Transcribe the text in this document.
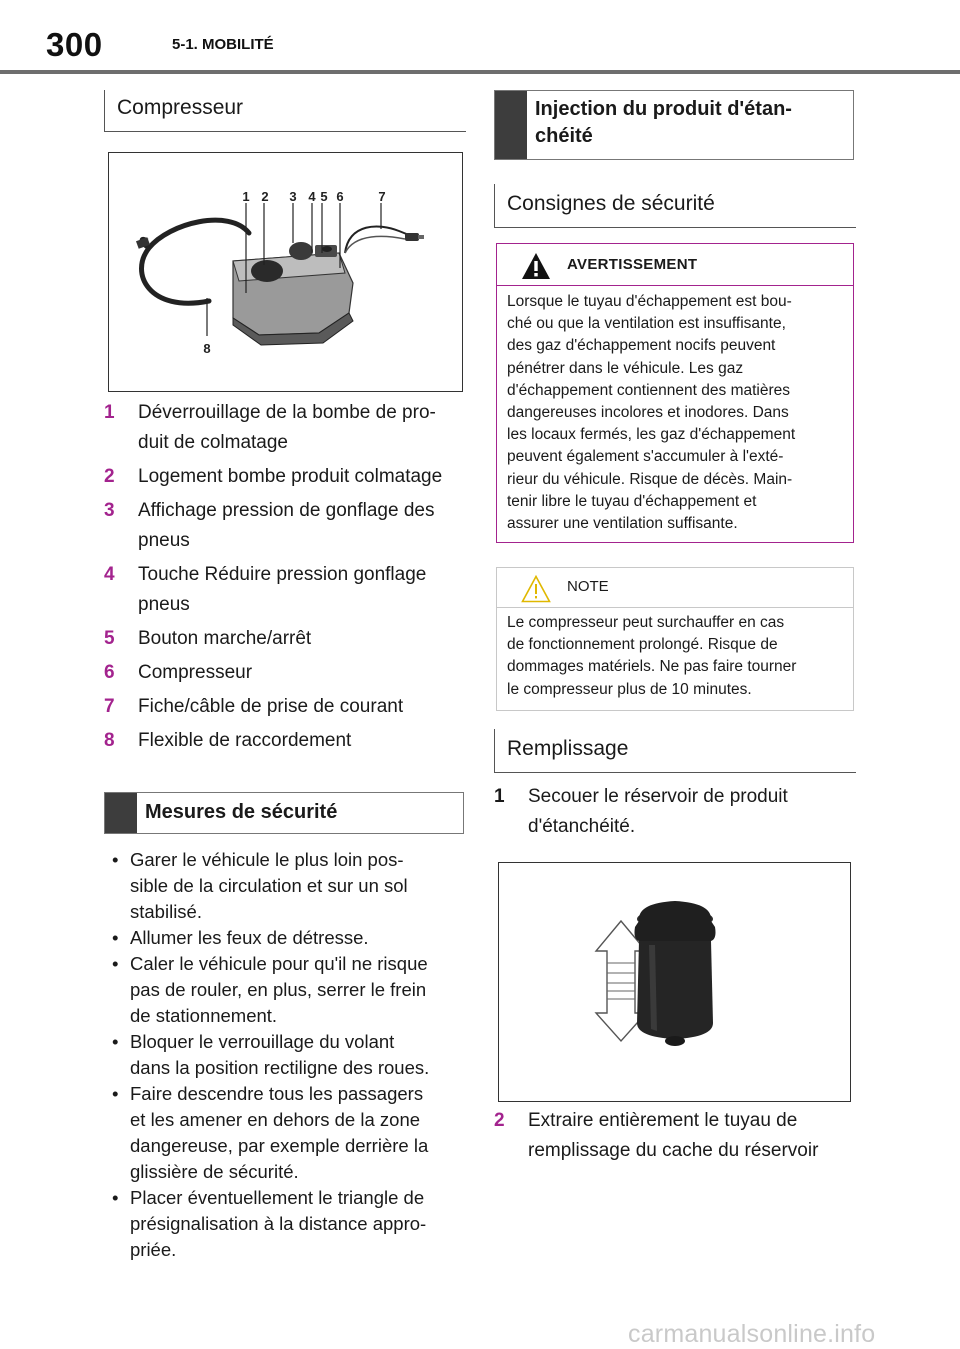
300	5-1. MOBILITÉ
Compresseur
1 2 3 4 5 6	7
8
1	Déverrouillage de la bombe de pro-
duit de colmatage
2	Logement bombe produit colmatage
3	Affichage pression de gonflage des
pneus
4	Touche Réduire pression gonflage
pneus
5	Bouton marche/arrêt
6	Compresseur
7	Fiche/câble de prise de courant
8	Flexible de raccordement
Mesures de sécurité
• Garer le véhicule le plus loin pos-
sible de la circulation et sur un sol
stabilisé.
• Allumer les feux de détresse.
• Caler le véhicule pour qu'il ne risque
pas de rouler, en plus, serrer le frein
de stationnement.
• Bloquer le verrouillage du volant
dans la position rectiligne des roues.
• Faire descendre tous les passagers
et les amener en dehors de la zone
dangereuse, par exemple derrière la
glissière de sécurité.
• Placer éventuellement le triangle de
présignalisation à la distance appro-
priée.
Injection du produit d'étan-
chéité
Consignes de sécurité
AVERTISSEMENT
Lorsque le tuyau d'échappement est bou-
ché ou que la ventilation est insuffisante,
des gaz d'échappement nocifs peuvent
pénétrer dans le véhicule. Les gaz
d'échappement contiennent des matières
dangereuses incolores et inodores. Dans
les locaux fermés, les gaz d'échappement
peuvent également s'accumuler à l'exté-
rieur du véhicule. Risque de décès. Main-
tenir libre le tuyau d'échappement et
assurer une ventilation suffisante.
NOTE
Le compresseur peut surchauffer en cas
de fonctionnement prolongé. Risque de
dommages matériels. Ne pas faire tourner
le compresseur plus de 10 minutes.
Remplissage
1	Secouer le réservoir de produit
d'étanchéité.
2	Extraire entièrement le tuyau de
remplissage du cache du réservoir
carmanualsonline.info
